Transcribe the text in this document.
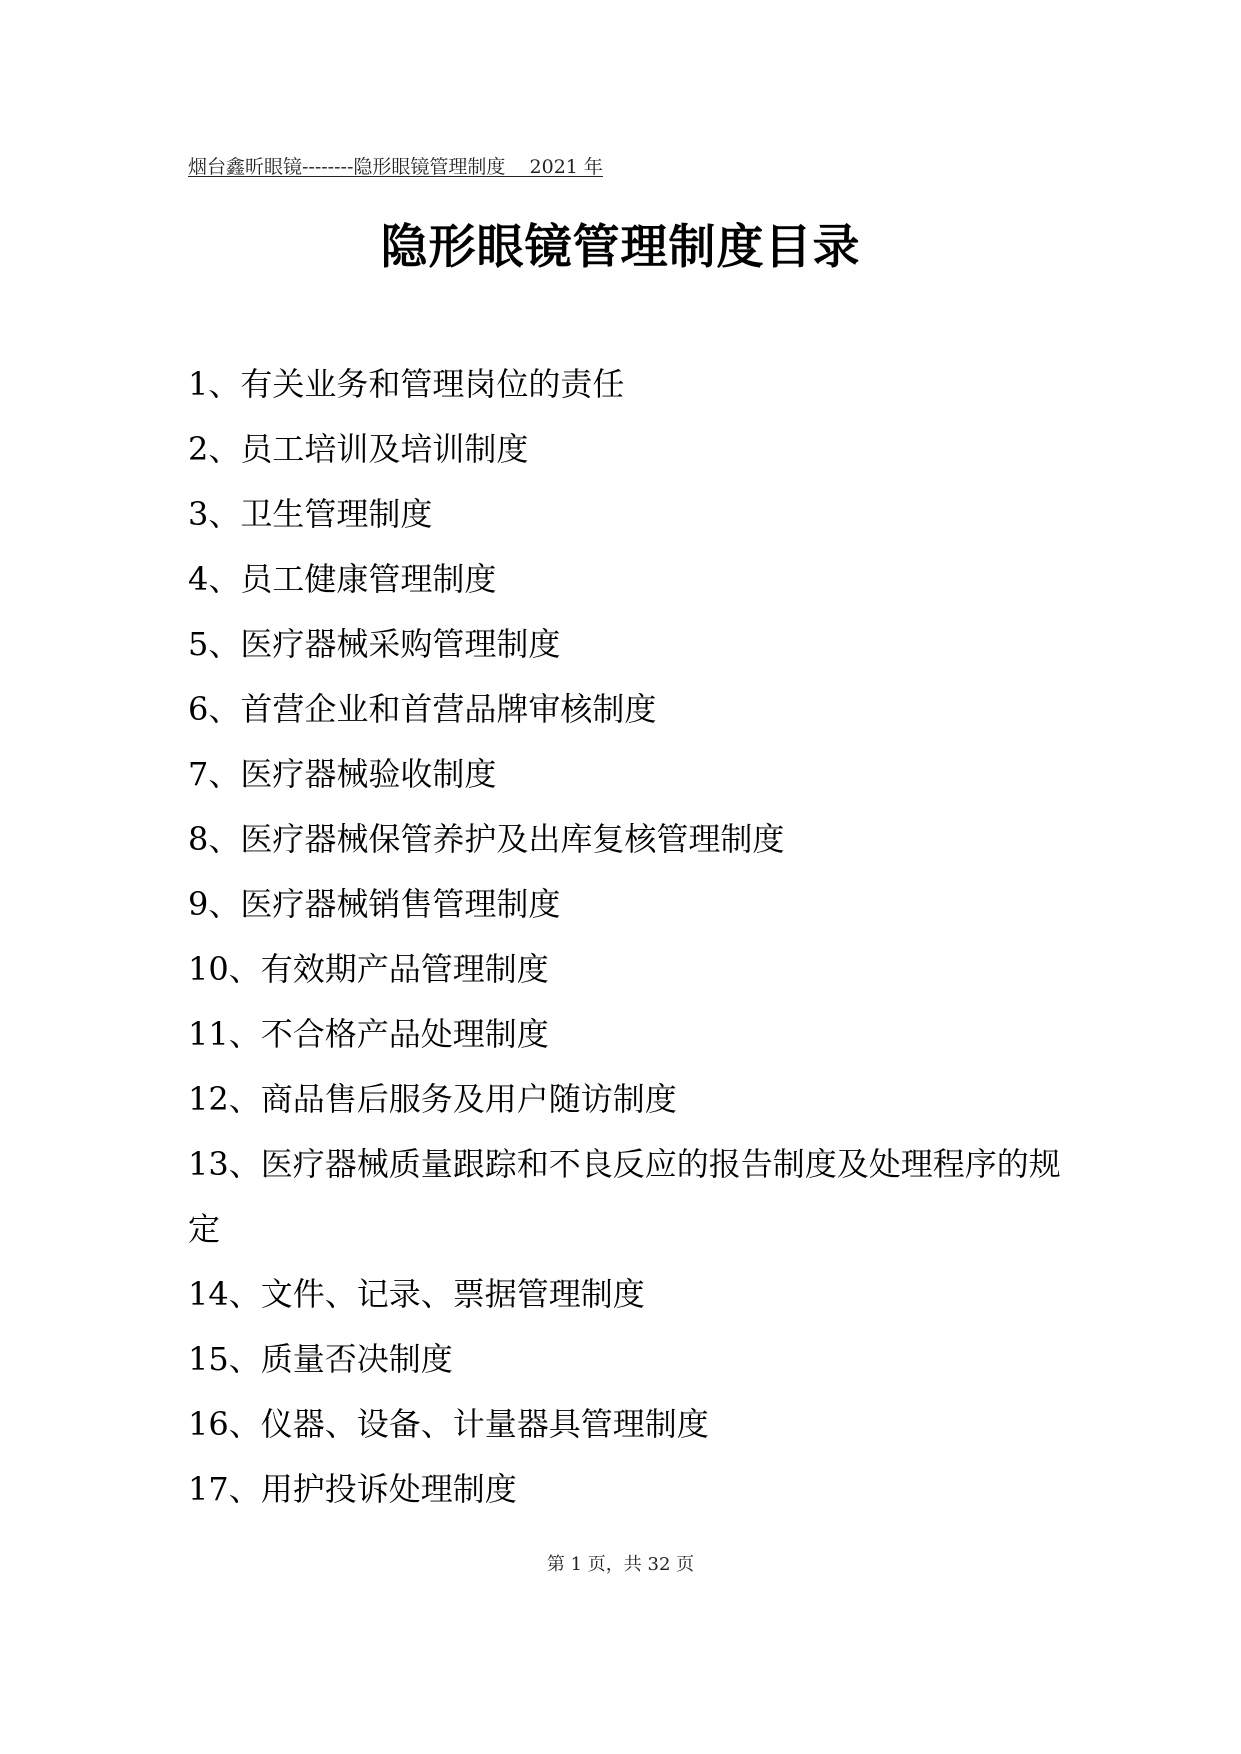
烟台鑫昕眼镜--------隐形眼镜管理制度    2021 年
隐形眼镜管理制度目录
1、有关业务和管理岗位的责任
2、员工培训及培训制度
3、卫生管理制度
4、员工健康管理制度
5、医疗器械采购管理制度
6、首营企业和首营品牌审核制度
7、医疗器械验收制度
8、医疗器械保管养护及出库复核管理制度
9、医疗器械销售管理制度
10、有效期产品管理制度
11、不合格产品处理制度
12、商品售后服务及用户随访制度
13、医疗器械质量跟踪和不良反应的报告制度及处理程序的规定
14、文件、记录、票据管理制度
15、质量否决制度
16、仪器、设备、计量器具管理制度
17、用护投诉处理制度
第 1 页，共 32 页
